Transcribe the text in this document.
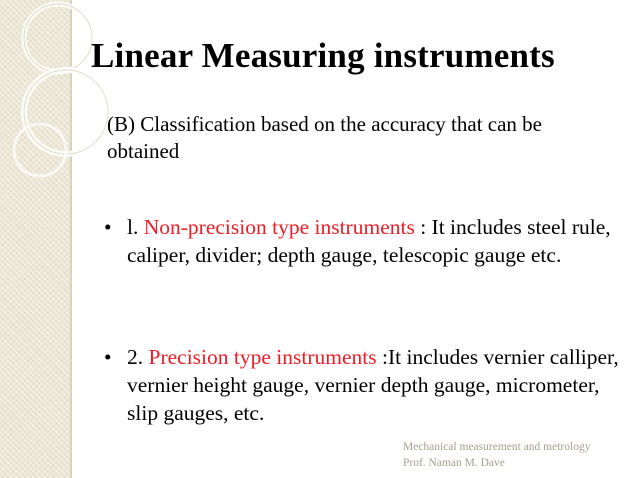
Linear Measuring instruments

(B) Classification based on the accuracy that can be obtained

• l. Non-precision type instruments : It includes steel rule, caliper, divider; depth gauge, telescopic gauge etc.
• 2. Precision type instruments :It includes vernier calliper, vernier height gauge, vernier depth gauge, micrometer, slip gauges, etc.
Mechanical measurement and metrology
Prof. Naman M. Dave
